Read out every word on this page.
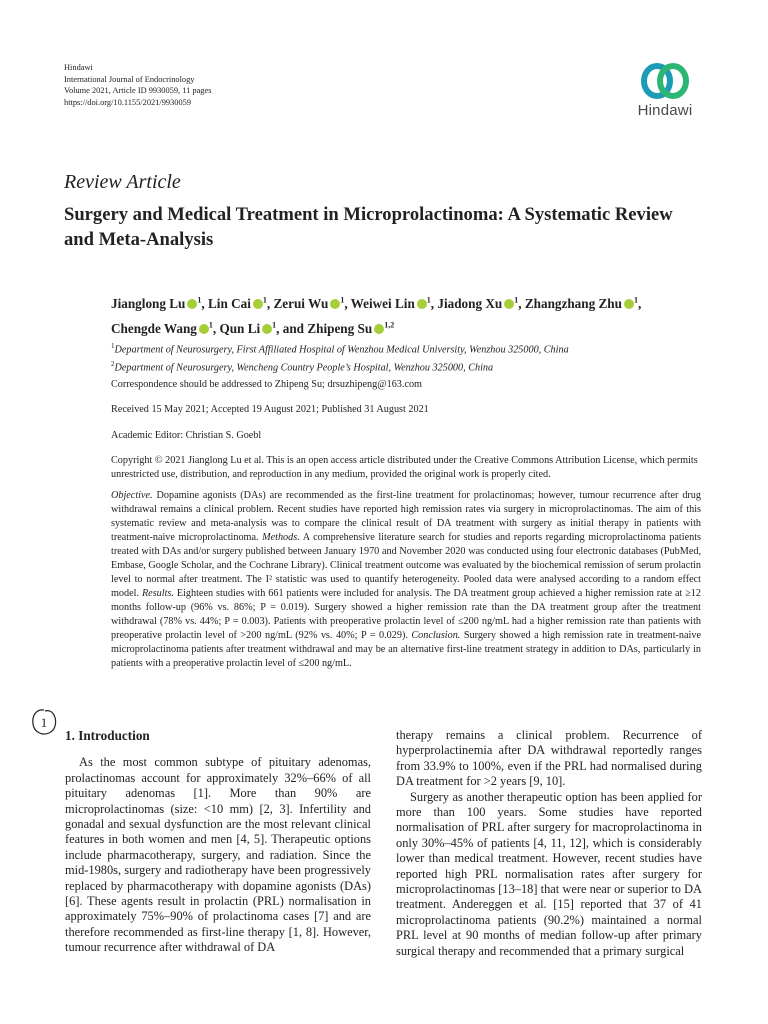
Hindawi
International Journal of Endocrinology
Volume 2021, Article ID 9930059, 11 pages
https://doi.org/10.1155/2021/9930059	Hindawi
Review Article
Surgery and Medical Treatment in Microprolactinoma: A Systematic Review and Meta-Analysis
Jianglong Lu $^1$, Lin Cai $^1$, Zerui Wu $^1$, Weiwei Lin $^1$, Jiadong Xu $^1$, Zhangzhang Zhu $^1$, Chengde Wang $^1$, Qun Li $^1$, and Zhipeng Su $^{1,2}$
$^1$Department of Neurosurgery, First Affiliated Hospital of Wenzhou Medical University, Wenzhou 325000, China
$^2$Department of Neurosurgery, Wencheng Country People’s Hospital, Wenzhou 325000, China
Correspondence should be addressed to Zhipeng Su; drsuzhipeng@163.com
Received 15 May 2021; Accepted 19 August 2021; Published 31 August 2021
Academic Editor: Christian S. Goebl
Copyright © 2021 Jianglong Lu et al. This is an open access article distributed under the Creative Commons Attribution License, which permits unrestricted use, distribution, and reproduction in any medium, provided the original work is properly cited.
Objective. Dopamine agonists (DAs) are recommended as the first-line treatment for prolactinomas; however, tumour recurrence after drug withdrawal remains a clinical problem. Recent studies have reported high remission rates via surgery in microprolactinomas. The aim of this systematic review and meta-analysis was to compare the clinical result of DA treatment with surgery as initial therapy in patients with treatment-naive microprolactinoma. Methods. A comprehensive literature search for studies and reports regarding microprolactinoma patients treated with DAs and/or surgery published between January 1970 and November 2020 was conducted using four electronic databases (PubMed, Embase, Google Scholar, and the Cochrane Library). Clinical treatment outcome was evaluated by the biochemical remission of serum prolactin level to normal after treatment. The I² statistic was used to quantify heterogeneity. Pooled data were analysed according to a random effect model. Results. Eighteen studies with 661 patients were included for analysis. The DA treatment group achieved a higher remission rate at ≥12 months follow-up (96% vs. 86%; P = 0.019). Surgery showed a higher remission rate than the DA treatment group after the treatment withdrawal (78% vs. 44%; P = 0.003). Patients with preoperative prolactin level of ≤200 ng/mL had a higher remission rate than patients with preoperative prolactin level of >200 ng/mL (92% vs. 40%; P = 0.029). Conclusion. Surgery showed a high remission rate in treatment-naive microprolactinoma patients after treatment withdrawal and may be an alternative first-line treatment strategy in addition to DAs, particularly in patients with a preoperative prolactin level of ≤200 ng/mL.
1
1. Introduction

As the most common subtype of pituitary adenomas, prolactinomas account for approximately 32%–66% of all pituitary adenomas [1]. More than 90% are microprolactinomas (size: <10 mm) [2, 3]. Infertility and gonadal and sexual dysfunction are the most relevant clinical features in both women and men [4, 5]. Therapeutic options include pharmacotherapy, surgery, and radiation. Since the mid-1980s, surgery and radiotherapy have been progressively replaced by pharmacotherapy with dopamine agonists (DAs) [6]. These agents result in prolactin (PRL) normalisation in approximately 75%–90% of prolactinoma cases [7] and are therefore recommended as first-line therapy [1, 8]. However, tumour recurrence after withdrawal of DA

therapy remains a clinical problem. Recurrence of hyperprolactinemia after DA withdrawal reportedly ranges from 33.9% to 100%, even if the PRL had normalised during DA treatment for >2 years [9, 10].

Surgery as another therapeutic option has been applied for more than 100 years. Some studies have reported normalisation of PRL after surgery for macroprolactinoma in only 30%–45% of patients [4, 11, 12], which is considerably lower than medical treatment. However, recent studies have reported high PRL normalisation rates after surgery for microprolactinomas [13–18] that were near or superior to DA treatment. Andereggen et al. [15] reported that 37 of 41 microprolactinoma patients (90.2%) maintained a normal PRL level at 90 months of median follow-up after primary surgical therapy and recommended that a primary surgical
